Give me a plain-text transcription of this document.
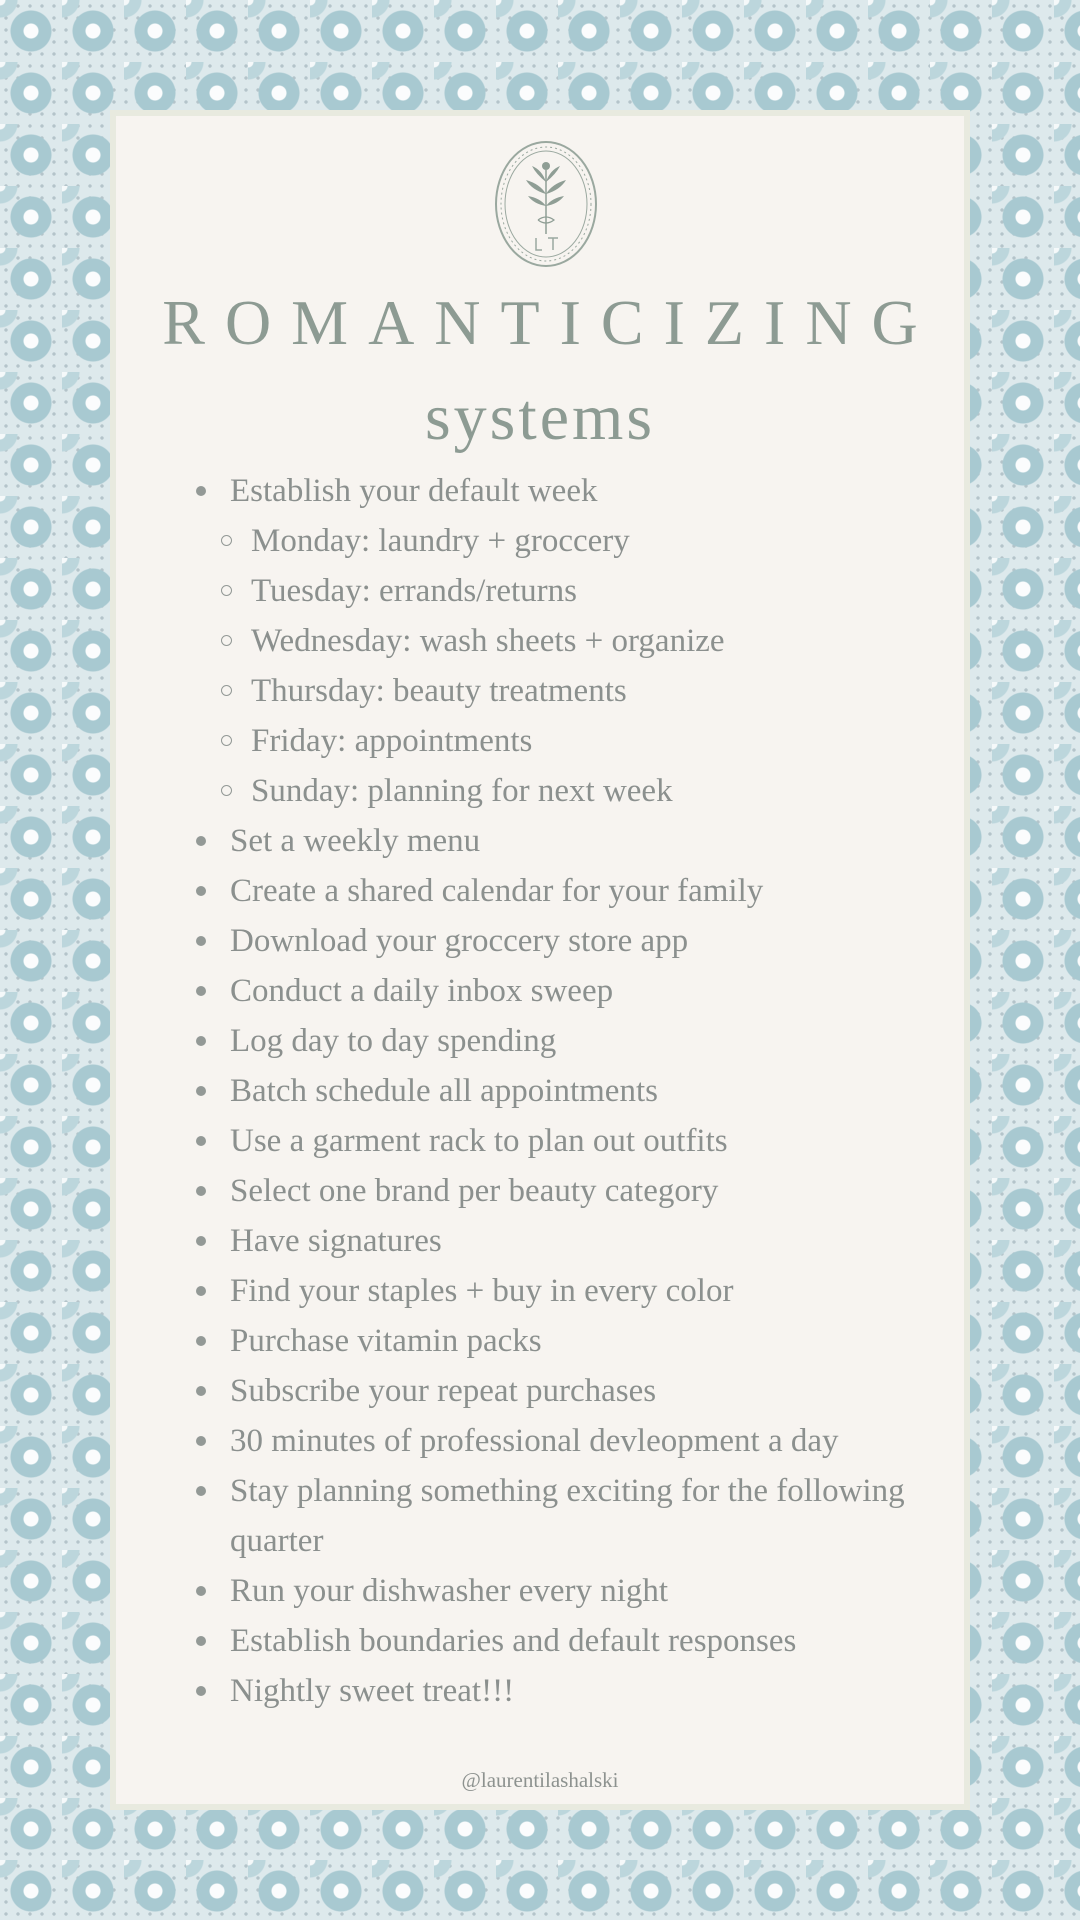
ROMANTICIZING
systems
Establish your default week
Monday: laundry + groccery
Tuesday: errands/returns
Wednesday: wash sheets + organize
Thursday: beauty treatments
Friday: appointments
Sunday: planning for next week
Set a weekly menu
Create a shared calendar for your family
Download your groccery store app
Conduct a daily inbox sweep
Log day to day spending
Batch schedule all appointments
Use a garment rack to plan out outfits
Select one brand per beauty category
Have signatures
Find your staples + buy in every color
Purchase vitamin packs
Subscribe your repeat purchases
30 minutes of professional devleopment a day
Stay planning something exciting for the following quarter
Run your dishwasher every night
Establish boundaries and default responses
Nightly sweet treat!!!
@laurentilashalski
